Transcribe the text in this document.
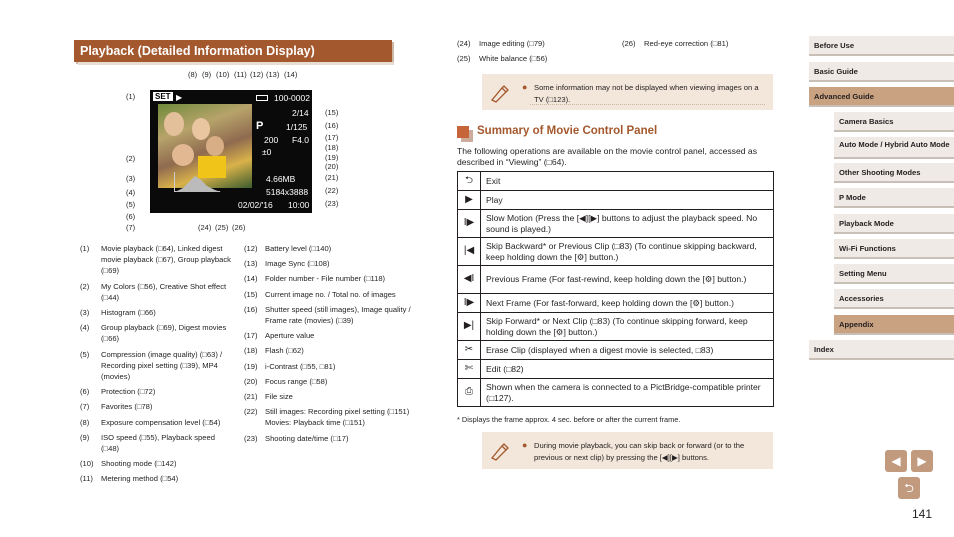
Playback (Detailed Information Display)
SET ▶	100-0002
2/14
P	1/125
200 F4.0
±0
4.66MB
5184x3888
02/02/'16 10:00
(8) (9) (10) (11) (12) (13) (14)
(1)
(2)
(3)
(4)
(5)
(6)
(7)
(15)
(16)
(17)
(18)
(19)
(20)
(21)
(22)
(23)
(24) (25) (26)
(1)	Movie playback (□64), Linked digest movie playback (□67), Group playback (□69)
(2)	My Colors (□56), Creative Shot effect (□44)
(3)	Histogram (□66)
(4)	Group playback (□69), Digest movies (□66)
(5)	Compression (image quality) (□63) / Recording pixel setting (□39), MP4 (movies)
(6)	Protection (□72)
(7)	Favorites (□78)
(8)	Exposure compensation level (□54)
(9)	ISO speed (□55), Playback speed (□48)
(10) Shooting mode (□142)
(11)	Metering method (□54)
(12) Battery level (□140)
(13) Image Sync (□108)
(14) Folder number - File number (□118)
(15) Current image no. / Total no. of images
(16) Shutter speed (still images), Image quality / Frame rate (movies) (□39)
(17) Aperture value
(18) Flash (□62)
(19) i-Contrast (□55, □81)
(20) Focus range (□58)
(21) File size
(22) Still images: Recording pixel setting (□151) Movies: Playback time (□151)
(23) Shooting date/time (□17)
(24) Image editing (□79)
(25) White balance (□56)
(26) Red-eye correction (□81)
● Some information may not be displayed when viewing images on a TV (□123).
Summary of Movie Control Panel
The following operations are available on the movie control panel, accessed as described in “Viewing” (□64).
⮌	Exit
▶	Play
I▶	Slow Motion (Press the [◀][▶] buttons to adjust the playback speed. No sound is played.)
|◀	Skip Backward* or Previous Clip (□83) (To continue skipping backward, keep holding down the [⚙] button.)
◀I	Previous Frame (For fast-rewind, keep holding down the [⚙] button.)
I▶	Next Frame (For fast-forward, keep holding down the [⚙] button.)
▶|	Skip Forward* or Next Clip (□83) (To continue skipping forward, keep holding down the [⚙] button.)
✂	Erase Clip (displayed when a digest movie is selected, □83)
✄	Edit (□82)
⎙	Shown when the camera is connected to a PictBridge-compatible printer (□127).
* Displays the frame approx. 4 sec. before or after the current frame.
● During movie playback, you can skip back or forward (or to the previous or next clip) by pressing the [◀][▶] buttons.
Before Use
Basic Guide
Advanced Guide
Camera Basics
Auto Mode / Hybrid Auto Mode
Other Shooting Modes
P Mode
Playback Mode
Wi-Fi Functions
Setting Menu
Accessories
Appendix
Index
◀	▶
⮌
141
